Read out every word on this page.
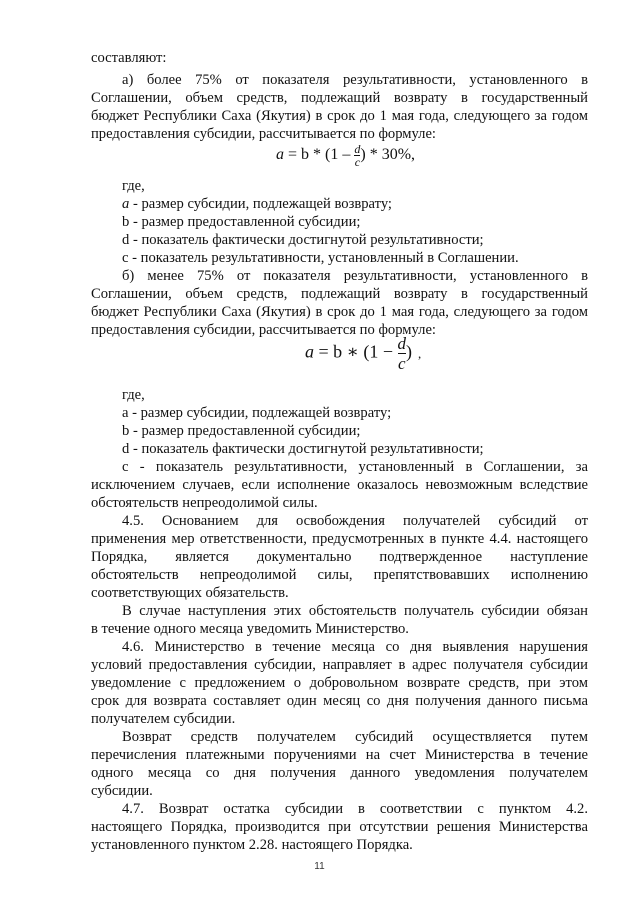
составляют:
а) более 75% от показателя результативности, установленного в
Соглашении, объем средств, подлежащий возврату в государственный
бюджет Республики Саха (Якутия) в срок до 1 мая года, следующего за годом
предоставления субсидии, рассчитывается по формуле:
$a = b * (1 - \frac{d}{c}$ ) * 30%,
где,
а - размер субсидии, подлежащей возврату;
b - размер предоставленной субсидии;
d - показатель фактически достигнутой результативности;
с - показатель результативности, установленный в Соглашении.
б) менее 75% от показателя результативности, установленного в
Соглашении, объем средств, подлежащий возврату в государственный
бюджет Республики Саха (Якутия) в срок до 1 мая года, следующего за годом
предоставления субсидии, рассчитывается по формуле:
a = b ∗ ($1 - \frac{d}{c}$ ) ,
где,
а - размер субсидии, подлежащей возврату;
b - размер предоставленной субсидии;
d - показатель фактически достигнутой результативности;
с - показатель результативности, установленный в Соглашении, за
исключением случаев, если исполнение оказалось невозможным вследствие
обстоятельств непреодолимой силы.
4.5. Основанием для освобождения получателей субсидий от
применения мер ответственности, предусмотренных в пункте 4.4. настоящего
Порядка, является документально подтвержденное наступление
обстоятельств непреодолимой силы, препятствовавших исполнению
соответствующих обязательств.
В случае наступления этих обстоятельств получатель субсидии обязан
в течение одного месяца уведомить Министерство.
4.6. Министерство в течение месяца со дня выявления нарушения
условий предоставления субсидии, направляет в адрес получателя субсидии
уведомление с предложением о добровольном возврате средств, при этом
срок для возврата составляет один месяц со дня получения данного письма
получателем субсидии.
Возврат средств получателем субсидий осуществляется путем
перечисления платежными поручениями на счет Министерства в течение
одного месяца со дня получения данного уведомления получателем
субсидии.
4.7. Возврат остатка субсидии в соответствии с пунктом 4.2.
настоящего Порядка, производится при отсутствии решения Министерства
установленного пунктом 2.28. настоящего Порядка.
11
